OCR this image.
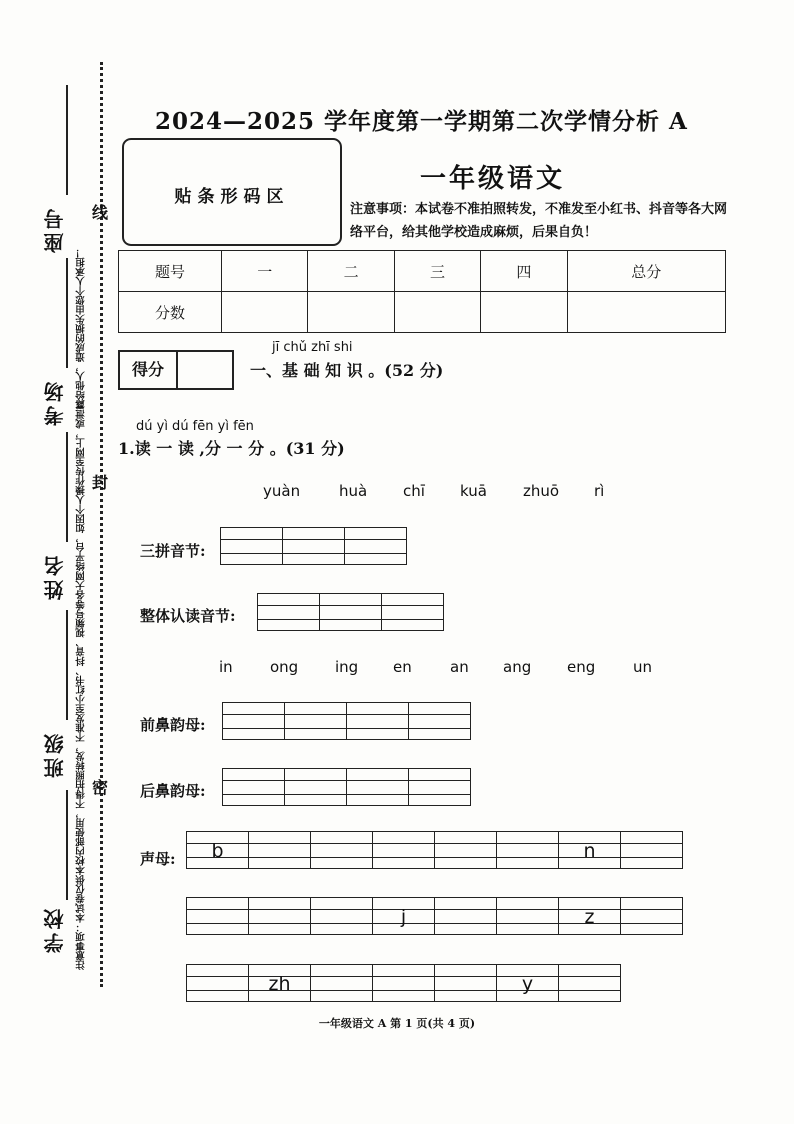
注意事项：本试卷仅供本校内部使用，不得拍照转发，不准发至小红书、抖音、视频号等各大网络平台，如因个人操作传至网上，或泄露给他人，造成的损失由您个人承担！
线
封
密
座号
考场
姓名
班级
学校
2024—2025 学年度第一学期第二次学情分析 A
贴条形码区
一年级语文
注意事项：本试卷不准拍照转发，不准发至小红书、抖音等各大网络平台，给其他学校造成麻烦，后果自负！
题号	一	二	三	四	总分
分数					
得分
jī chǔ zhī shi
一、基 础 知 识 。(52 分)
dú yì dú fēn yì fēn
1.读 一 读 ,分 一 分 。(31 分)
yuàn	huà chī kuā zhuō rì
三拼音节:
整体认读音节:
in ong ing en	an ang eng	un
前鼻韵母:
后鼻韵母:
声母:	b	n
j	z
zh	y
一年级语文 A 第 1 页(共 4 页)
